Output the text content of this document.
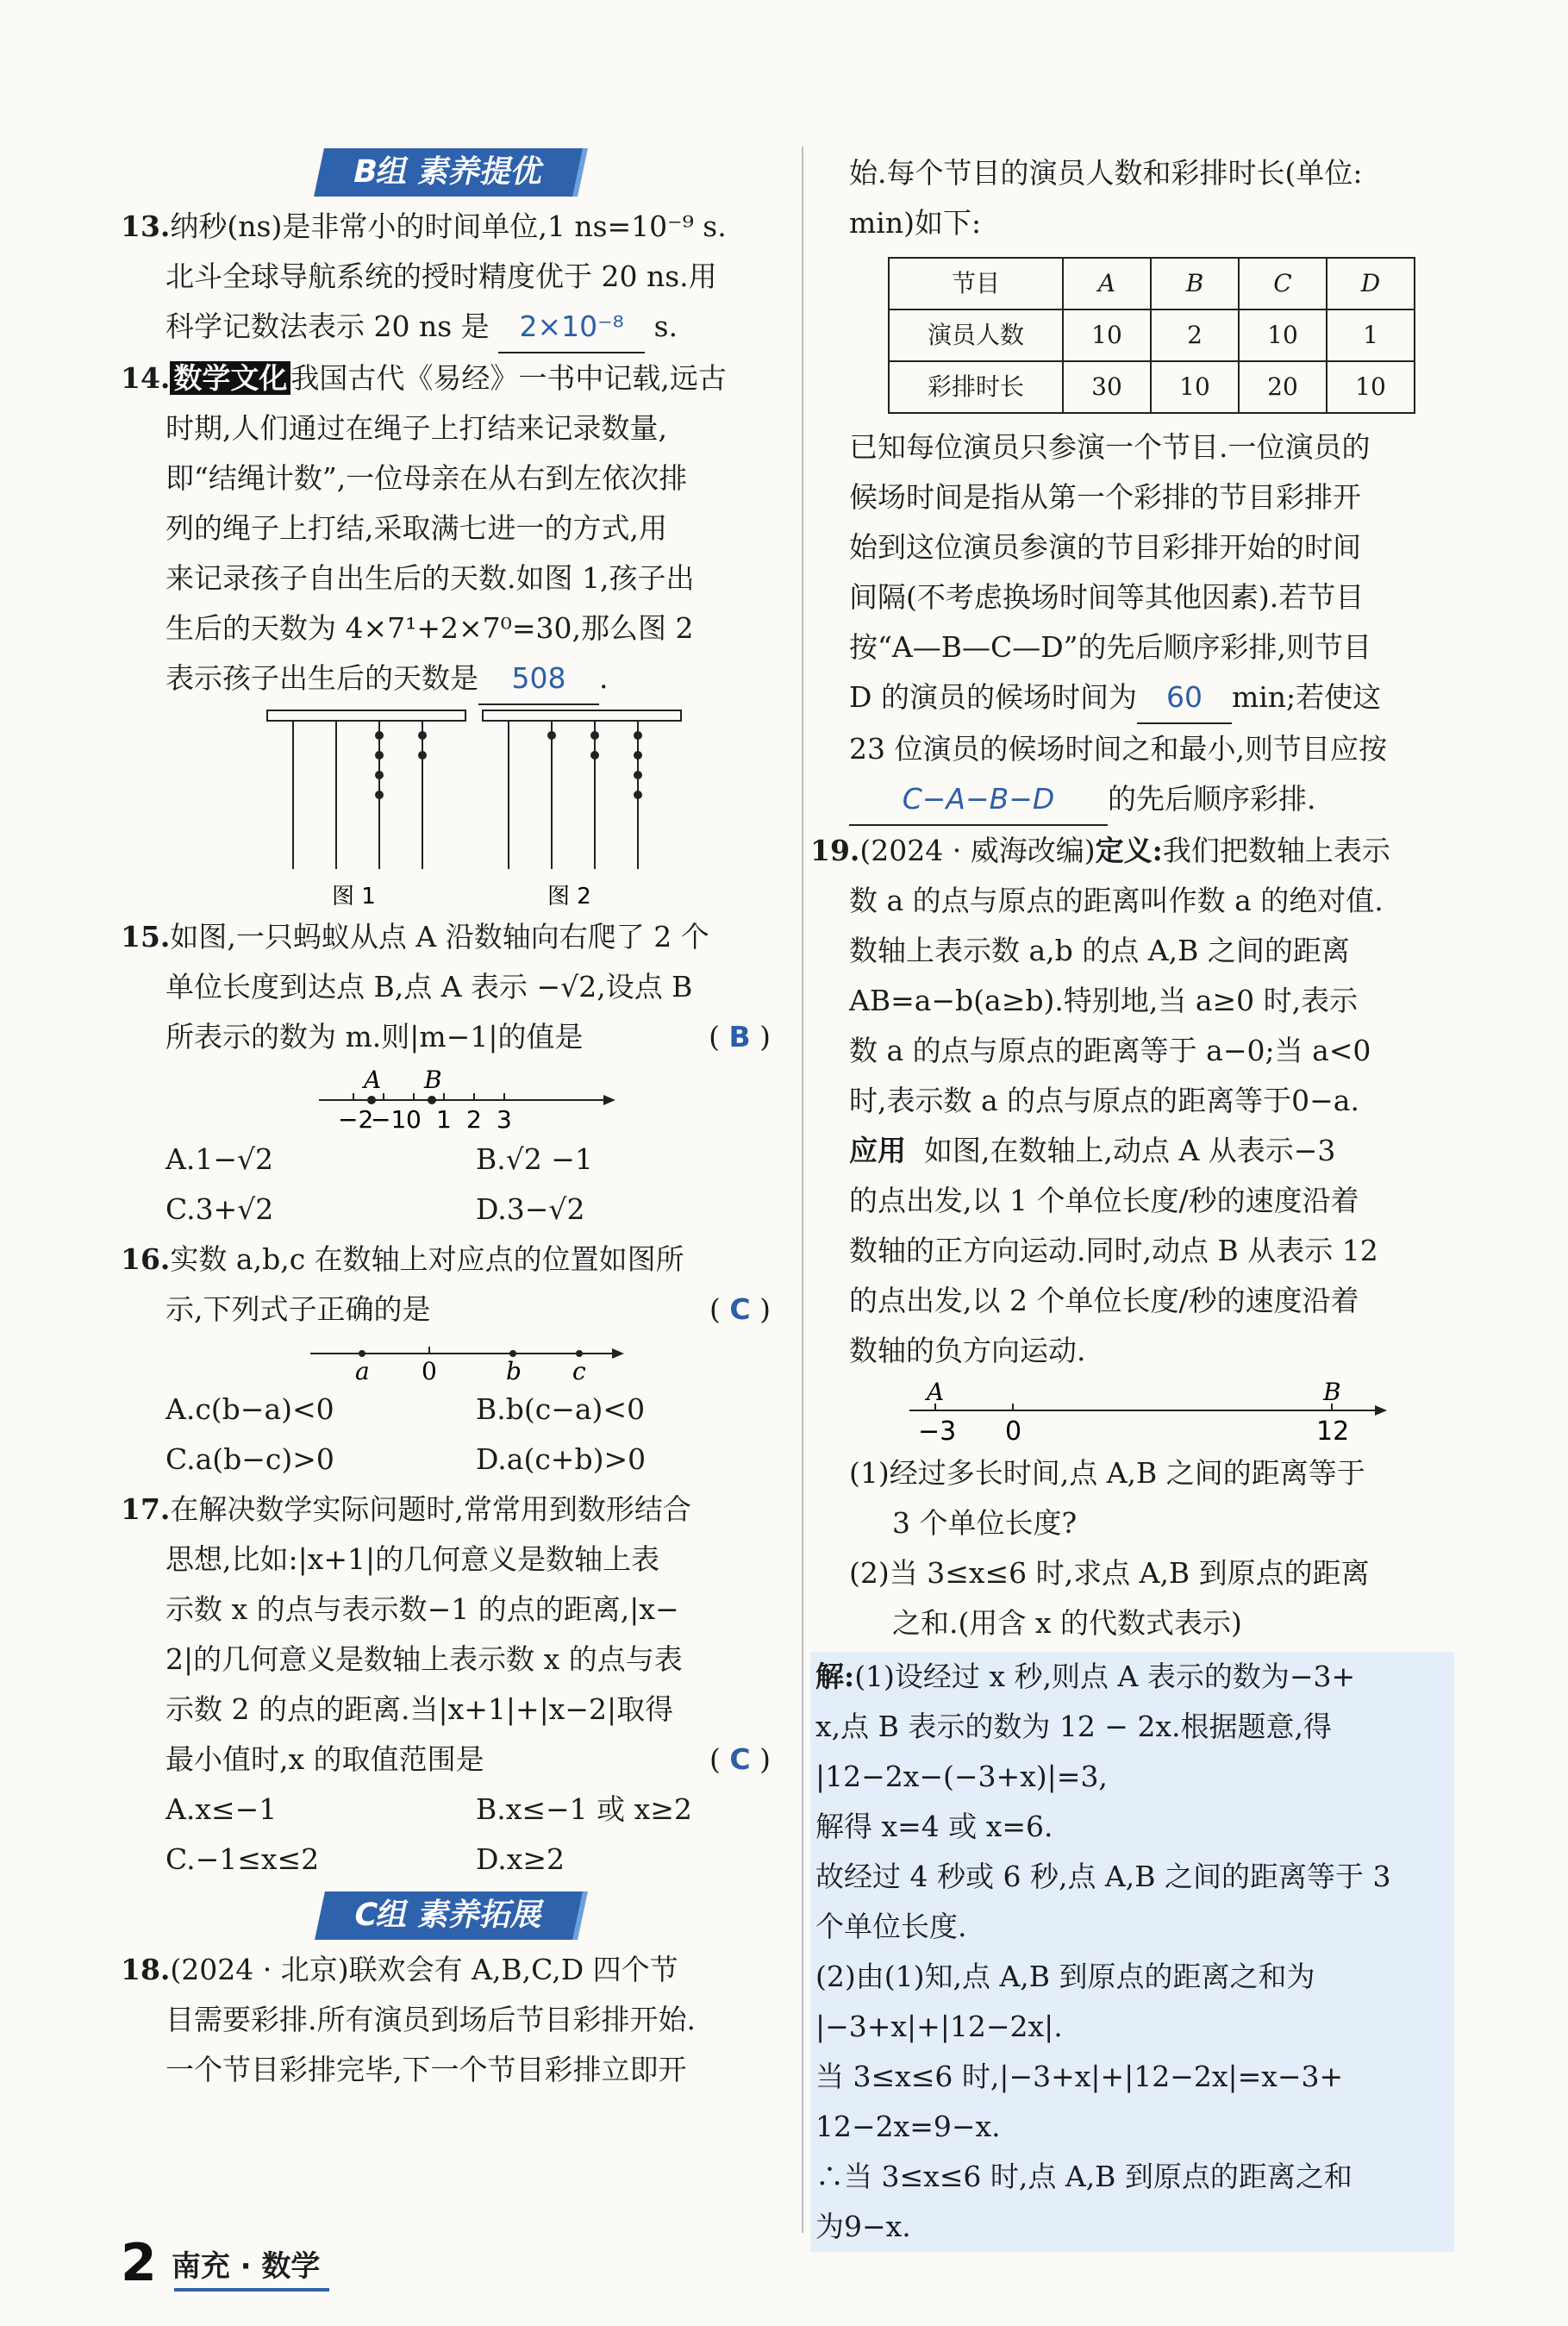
B组 素养提优
13.纳秒(ns)是非常小的时间单位,1 ns=10⁻⁹ s.
北斗全球导航系统的授时精度优于 20 ns.用
科学记数法表示 20 ns 是 2×10⁻⁸ s.
14. 数学文化 我国古代《易经》一书中记载,远古
时期,人们通过在绳子上打结来记录数量,
即“结绳计数”,一位母亲在从右到左依次排
列的绳子上打结,采取满七进一的方式,用
来记录孩子自出生后的天数.如图 1,孩子出
生后的天数为 4×7¹+2×7⁰=30,那么图 2
表示孩子出生后的天数是 508 .
图 1	图 2
15.如图,一只蚂蚁从点 A 沿数轴向右爬了 2 个
单位长度到达点 B,点 A 表示 −√2,设点 B
所表示的数为 m.则|m−1|的值是	( B )
A B
−2
−1 0 1 2 3
A.1−√2	B.√2 −1
C.3+√2	D.3−√2
16.实数 a,b,c 在数轴上对应点的位置如图所
示,下列式子正确的是	( C )
a 0	b c
A.c(b−a)<0	B.b(c−a)<0
C.a(b−c)>0	D.a(c+b)>0
17.在解决数学实际问题时,常常用到数形结合
思想,比如:|x+1|的几何意义是数轴上表
示数 x 的点与表示数−1 的点的距离,|x−
2|的几何意义是数轴上表示数 x 的点与表
示数 2 的点的距离.当|x+1|+|x−2|取得
最小值时,x 的取值范围是	( C )
A.x≤−1	B.x≤−1 或 x≥2
C.−1≤x≤2	D.x≥2
C组 素养拓展
18.(2024 · 北京)联欢会有 A,B,C,D 四个节
目需要彩排.所有演员到场后节目彩排开始.
一个节目彩排完毕,下一个节目彩排立即开
始.每个节目的演员人数和彩排时长(单位:
min)如下:
节目	A	B	C	D
演员人数	10	2	10	1
彩排时长	30	10	20	10
已知每位演员只参演一个节目.一位演员的
候场时间是指从第一个彩排的节目彩排开
始到这位演员参演的节目彩排开始的时间
间隔(不考虑换场时间等其他因素).若节目
按“A—B—C—D”的先后顺序彩排,则节目
D 的演员的候场时间为 60 min;若使这
23 位演员的候场时间之和最小,则节目应按
C−A−B−D 的先后顺序彩排.
19.(2024 · 威海改编)定义:我们把数轴上表示
数 a 的点与原点的距离叫作数 a 的绝对值.
数轴上表示数 a,b 的点 A,B 之间的距离
AB=a−b(a≥b).特别地,当 a≥0 时,表示
数 a 的点与原点的距离等于 a−0;当 a<0
时,表示数 a 的点与原点的距离等于0−a.
应用 如图,在数轴上,动点 A 从表示−3
的点出发,以 1 个单位长度/秒的速度沿着
数轴的正方向运动.同时,动点 B 从表示 12
的点出发,以 2 个单位长度/秒的速度沿着
数轴的负方向运动.
A	B
−3 0	12
(1)经过多长时间,点 A,B 之间的距离等于
3 个单位长度?
(2)当 3≤x≤6 时,求点 A,B 到原点的距离
之和.(用含 x 的代数式表示)
解:(1)设经过 x 秒,则点 A 表示的数为−3+
x,点 B 表示的数为 12 − 2x.根据题意,得
|12−2x−(−3+x)|=3,
解得 x=4 或 x=6.
故经过 4 秒或 6 秒,点 A,B 之间的距离等于 3
个单位长度.
(2)由(1)知,点 A,B 到原点的距离之和为
|−3+x|+|12−2x|.
当 3≤x≤6 时,|−3+x|+|12−2x|=x−3+
12−2x=9−x.
∴当 3≤x≤6 时,点 A,B 到原点的距离之和
为9−x.
2 南充 · 数学
